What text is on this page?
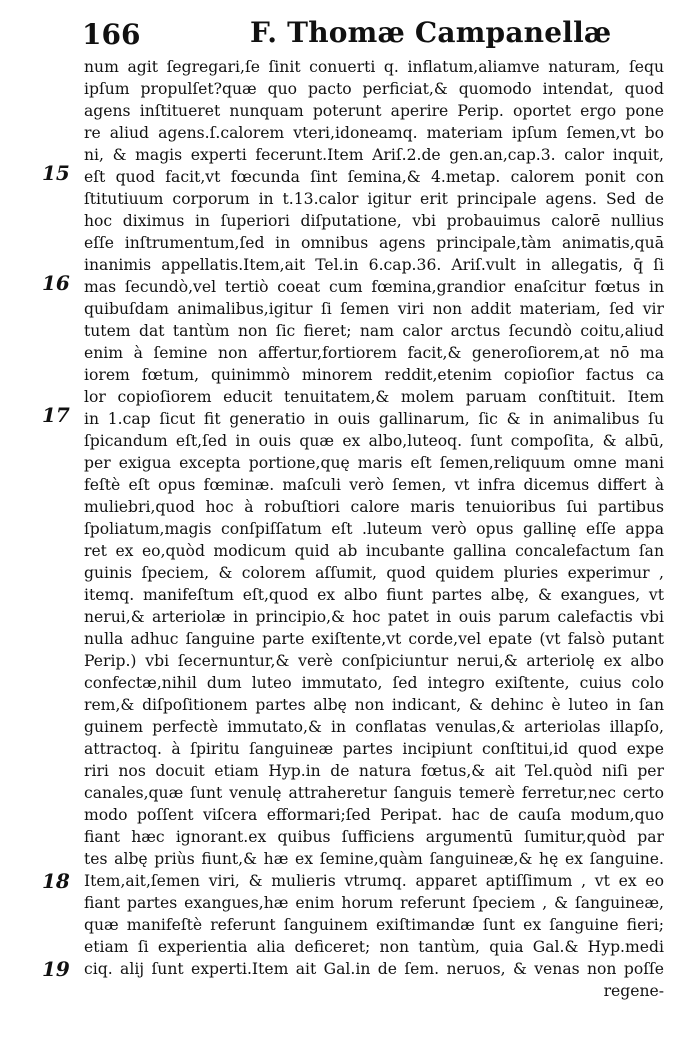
166	F. Thomæ Campanellæ
15
16
17
18
19
num agit ſegregari,ſe ſinit conuerti q. inflatum,aliamve naturam, ſequ
ipſum propulſet?quæ quo pacto perficiat,& quomodo intendat, quod
agens inſtitueret nunquam poterunt aperire Perip. oportet ergo pone
re aliud agens.ſ.calorem vteri,idoneamq. materiam ipſum ſemen,vt bo
ni, & magis experti fecerunt.Item Ariſ.2.de gen.an,cap.3. calor inquit,
eſt quod facit,vt fœcunda ſint ſemina,& 4.metap. calorem ponit con
ſtitutiuum corporum in t.13.calor igitur erit principale agens. Sed de
hoc diximus in ſuperiori diſputatione, vbi probauimus calorē nullius
eſſe inſtrumentum,ſed in omnibus agens principale,tàm animatis,quā
inanimis appellatis.Item,ait Tel.in 6.cap.36. Ariſ.vult in allegatis, q̄ ſi
mas ſecundò,vel tertiò coeat cum fœmina,grandior enaſcitur fœtus in
quibuſdam animalibus,igitur ſi ſemen viri non addit materiam, ſed vir
tutem dat tantùm non ſic fieret; nam calor arctus ſecundò coitu,aliud
enim à ſemine non affertur,fortiorem facit,& generoſiorem,at nō ma
iorem fœtum, quinimmò minorem reddit,etenim copioſior factus ca
lor copioſiorem educit tenuitatem,& molem paruam conſtituit. Item
in 1.cap ſicut fit generatio in ouis gallinarum, ſic & in animalibus ſu
ſpicandum eſt,ſed in ouis quæ ex albo,luteoq. ſunt compoſita, & albū,
per exigua excepta portione,quę maris eſt ſemen,reliquum omne mani
feſtè eſt opus fœminæ. maſculi verò ſemen, vt infra dicemus differt à
muliebri,quod hoc à robuſtiori calore maris tenuioribus ſui partibus
ſpoliatum,magis conſpiſſatum eſt .luteum verò opus gallinę eſſe appa
ret ex eo,quòd modicum quid ab incubante gallina concalefactum ſan
guinis ſpeciem, & colorem aſſumit, quod quidem pluries experimur ,
itemq. manifeſtum eſt,quod ex albo fiunt partes albę, & exangues, vt
nerui,& arteriolæ in principio,& hoc patet in ouis parum calefactis vbi
nulla adhuc ſanguine parte exiſtente,vt corde,vel epate (vt falsò putant
Perip.) vbi ſecernuntur,& verè conſpiciuntur nerui,& arteriolę ex albo
confectæ,nihil dum luteo immutato, ſed integro exiſtente, cuius colo
rem,& diſpoſitionem partes albę non indicant, & dehinc è luteo in ſan
guinem perfectè immutato,& in conflatas venulas,& arteriolas illapſo,
attractoq. à ſpiritu ſanguineæ partes incipiunt conſtitui,id quod expe
riri nos docuit etiam Hyp.in de natura fœtus,& ait Tel.quòd niſi per
canales,quæ ſunt venulę attraheretur ſanguis temerè ferretur,nec certo
modo poſſent viſcera efformari;ſed Peripat. hac de cauſa modum,quo
fiant hæc ignorant.ex quibus ſufficiens argumentū ſumitur,quòd par
tes albę priùs fiunt,& hæ ex ſemine,quàm ſanguineæ,& hę ex ſanguine.
Item,ait,ſemen viri, & mulieris vtrumq. apparet aptiſſimum , vt ex eo
fiant partes exangues,hæ enim horum referunt ſpeciem , & ſanguineæ,
quæ manifeſtè referunt ſanguinem exiſtimandæ ſunt ex ſanguine fieri;
etiam ſi experientia alia deficeret; non tantùm, quia Gal.& Hyp.medi
ciq. alij ſunt experti.Item ait Gal.in de ſem. neruos, & venas non poſſe
regene-
